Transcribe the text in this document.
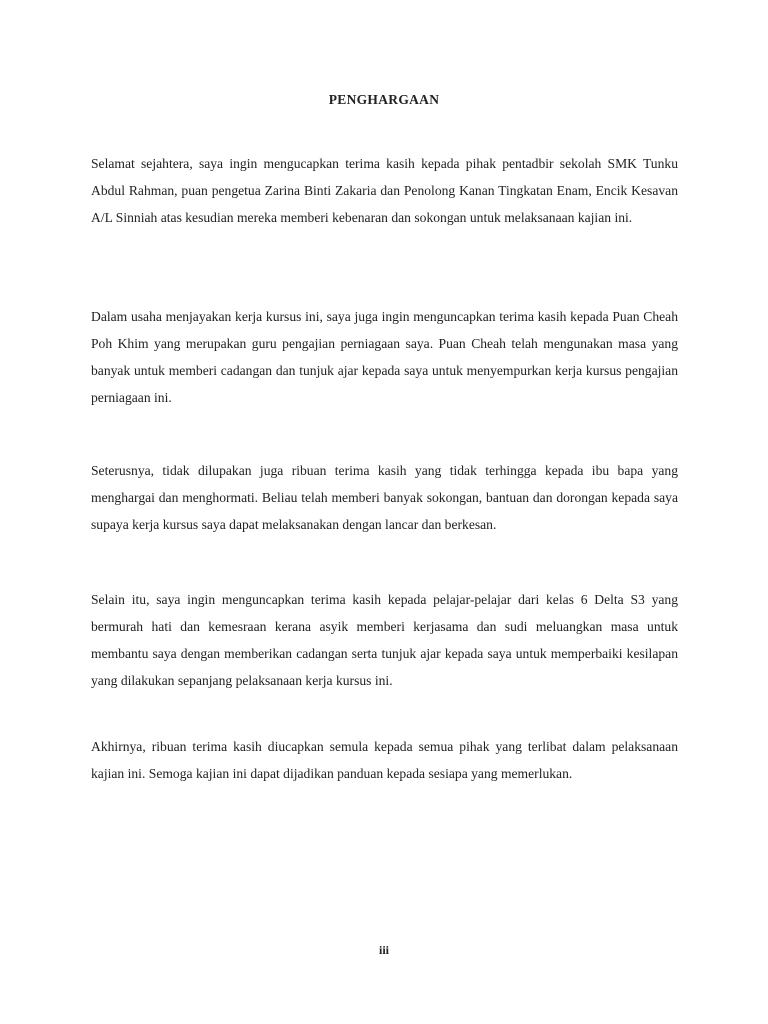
PENGHARGAAN

Selamat sejahtera, saya ingin mengucapkan terima kasih kepada pihak pentadbir sekolah SMK Tunku Abdul Rahman, puan pengetua Zarina Binti Zakaria dan Penolong Kanan Tingkatan Enam, Encik Kesavan A/L Sinniah atas kesudian mereka memberi kebenaran dan sokongan untuk melaksanaan kajian ini.

Dalam usaha menjayakan kerja kursus ini, saya juga ingin menguncapkan terima kasih kepada Puan Cheah Poh Khim yang merupakan guru pengajian perniagaan saya. Puan Cheah telah mengunakan masa yang banyak untuk memberi cadangan dan tunjuk ajar kepada saya untuk menyempurkan kerja kursus pengajian perniagaan ini.

Seterusnya, tidak dilupakan juga ribuan terima kasih yang tidak terhingga kepada ibu bapa yang menghargai dan menghormati. Beliau telah memberi banyak sokongan, bantuan dan dorongan kepada saya supaya kerja kursus saya dapat melaksanakan dengan lancar dan berkesan.

Selain itu, saya ingin menguncapkan terima kasih kepada pelajar-pelajar dari kelas 6 Delta S3 yang bermurah hati dan kemesraan kerana asyik memberi kerjasama dan sudi meluangkan masa untuk membantu saya dengan memberikan cadangan serta tunjuk ajar kepada saya untuk memperbaiki kesilapan yang dilakukan sepanjang pelaksanaan kerja kursus ini.

Akhirnya, ribuan terima kasih diucapkan semula kepada semua pihak yang terlibat dalam pelaksanaan kajian ini. Semoga kajian ini dapat dijadikan panduan kepada sesiapa yang memerlukan.

iii
